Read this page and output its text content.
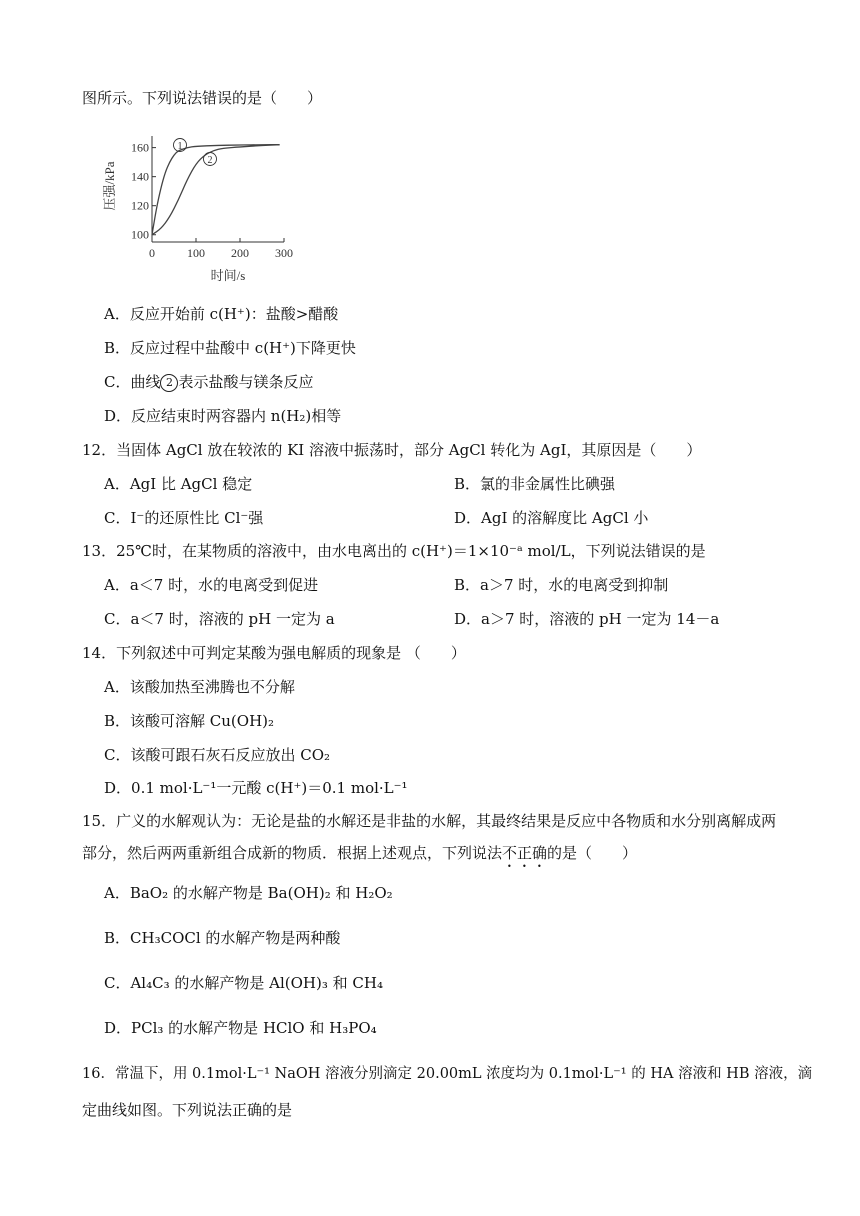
图所示。下列说法错误的是（　　）
0	100 200 300
100
120
140
160
压强/kPa
时间/s
1
2
A．反应开始前 c(H⁺)：盐酸>醋酸
B．反应过程中盐酸中 c(H⁺)下降更快
C．曲线 2 表示盐酸与镁条反应
D．反应结束时两容器内 n(H₂)相等
12．当固体 AgCl 放在较浓的 KI 溶液中振荡时，部分 AgCl 转化为 AgI，其原因是（　　）
A．AgI 比 AgCl 稳定	B．氯的非金属性比碘强
C．I⁻的还原性比 Cl⁻强	D．AgI 的溶解度比 AgCl 小
13．25℃时，在某物质的溶液中，由水电离出的 c(H⁺)＝1×10⁻ᵃ mol/L，下列说法错误的是
A．a＜7 时，水的电离受到促进	B．a＞7 时，水的电离受到抑制
C．a＜7 时，溶液的 pH 一定为 a	D．a＞7 时，溶液的 pH 一定为 14－a
14．下列叙述中可判定某酸为强电解质的现象是 （　　）
A．该酸加热至沸腾也不分解
B．该酸可溶解 Cu(OH)₂
C．该酸可跟石灰石反应放出 CO₂
D．0.1 mol·L⁻¹一元酸 c(H⁺)＝0.1 mol·L⁻¹
15．广义的水解观认为：无论是盐的水解还是非盐的水解，其最终结果是反应中各物质和水分别离解成两
部分，然后两两重新组合成新的物质．根据上述观点，下列说法不正确的是（　　）
A．BaO₂ 的水解产物是 Ba(OH)₂ 和 H₂O₂
B．CH₃COCl 的水解产物是两种酸
C．Al₄C₃ 的水解产物是 Al(OH)₃ 和 CH₄
D．PCl₃ 的水解产物是 HClO 和 H₃PO₄
16．常温下，用 0.1mol·L⁻¹ NaOH 溶液分别滴定 20.00mL 浓度均为 0.1mol·L⁻¹ 的 HA 溶液和 HB 溶液，滴
定曲线如图。下列说法正确的是
